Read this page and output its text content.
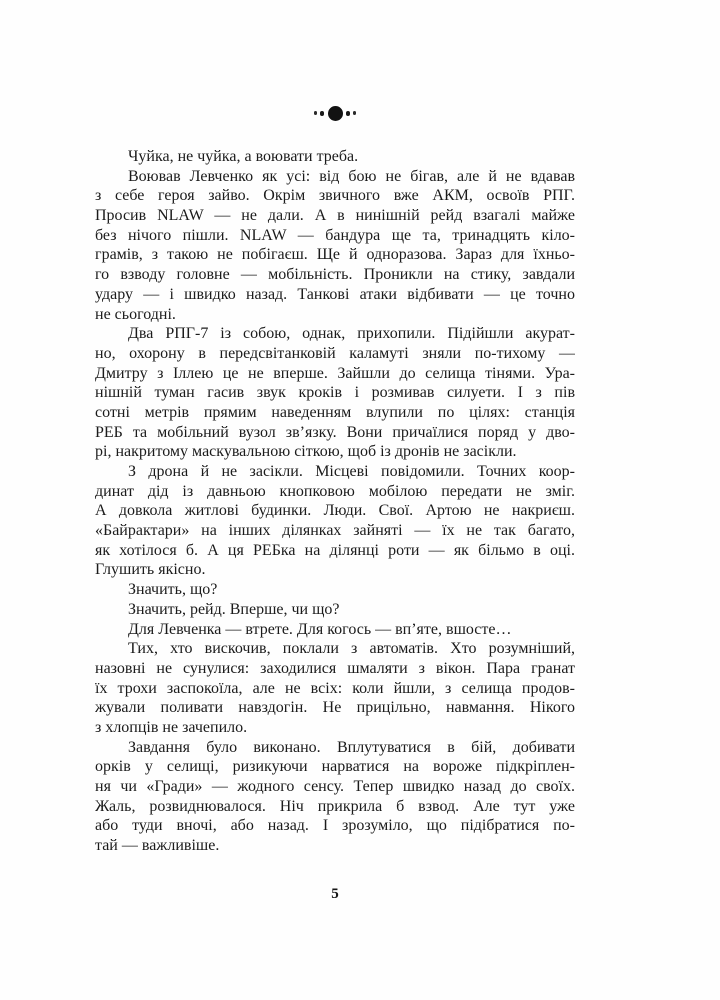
Чуйка, не чуйка, а воювати треба.
Воював Левченко як усі: від бою не бігав, але й не вдавав
з себе героя зайво. Окрім звичного вже АКМ, освоїв РПГ.
Просив NLAW — не дали. А в нинішній рейд взагалі майже
без нічого пішли. NLAW — бандура ще та, тринадцять кіло-
грамів, з такою не побігаєш. Ще й одноразова. Зараз для їхньо-
го взводу головне — мобільність. Проникли на стику, завдали
удару — і швидко назад. Танкові атаки відбивати — це точно
не сьогодні.
Два РПГ-7 із собою, однак, прихопили. Підійшли акурат-
но, охорону в передсвітанковій каламуті зняли по-тихому —
Дмитру з Іллею це не вперше. Зайшли до селища тінями. Ура-
нішній туман гасив звук кроків і розмивав силуети. І з пів
сотні метрів прямим наведенням влупили по цілях: станція
РЕБ та мобільний вузол зв’язку. Вони причаїлися поряд у дво-
рі, накритому маскувальною сіткою, щоб із дронів не засікли.
З дрона й не засікли. Місцеві повідомили. Точних коор-
динат дід із давньою кнопковою мобілою передати не зміг.
А довкола житлові будинки. Люди. Свої. Артою не накриєш.
«Байрактари» на інших ділянках зайняті — їх не так багато,
як хотілося б. А ця РЕБка на ділянці роти — як більмо в оці.
Глушить якісно.
Значить, що?
Значить, рейд. Вперше, чи що?
Для Левченка — втрете. Для когось — вп’яте, вшосте…
Тих, хто вискочив, поклали з автоматів. Хто розумніший,
назовні не сунулися: заходилися шмаляти з вікон. Пара гранат
їх трохи заспокоїла, але не всіх: коли йшли, з селища продов-
жували поливати навздогін. Не прицільно, навмання. Нікого
з хлопців не зачепило.
Завдання було виконано. Вплутуватися в бій, добивати
орків у селищі, ризикуючи нарватися на вороже підкріплен-
ня чи «Гради» — жодного сенсу. Тепер швидко назад до своїх.
Жаль, розвиднювалося. Ніч прикрила б взвод. Але тут уже
або туди вночі, або назад. І зрозуміло, що підібратися по-
тай — важливіше.
5
